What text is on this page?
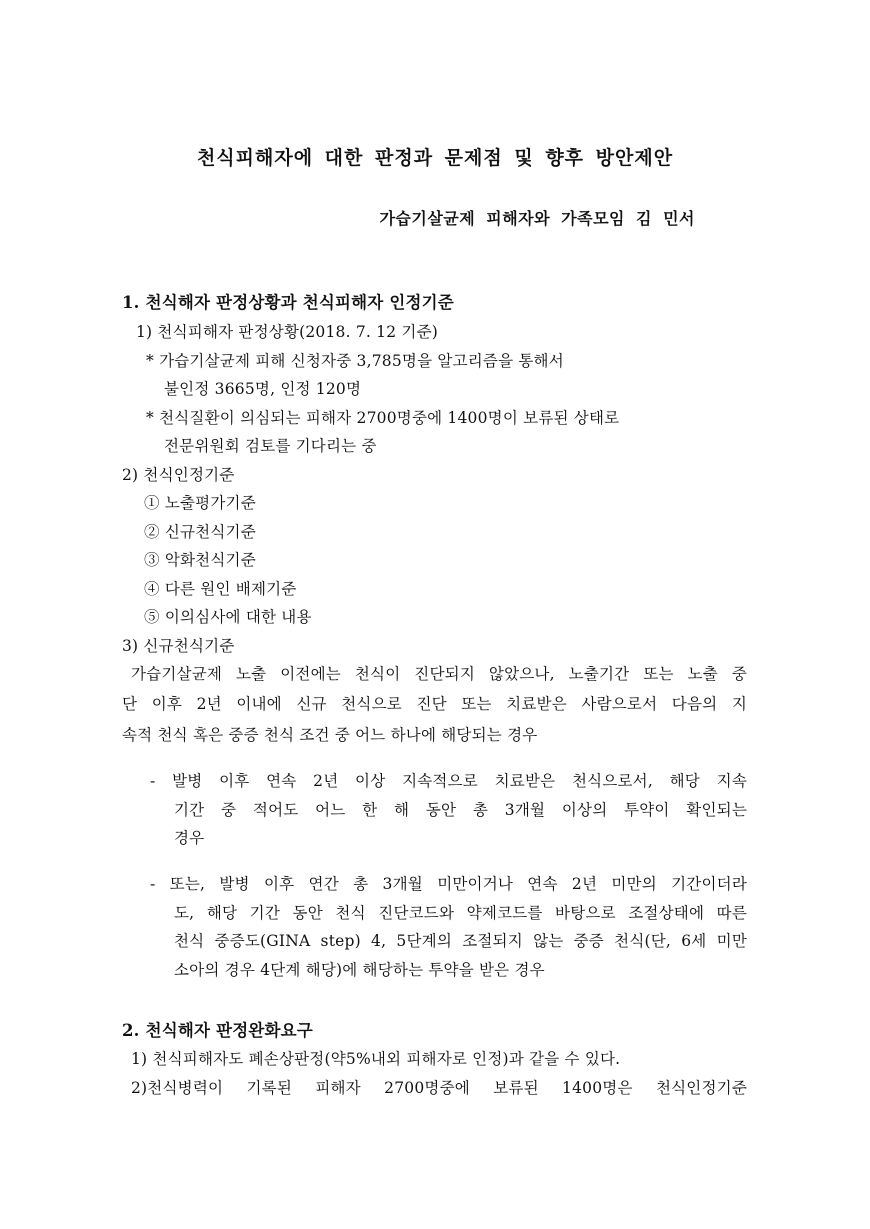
천식피해자에 대한 판정과 문제점 및 향후 방안제안
가습기살균제 피해자와 가족모임 김 민서
1. 천식해자 판정상황과 천식피해자 인정기준
1) 천식피해자 판정상황(2018. 7. 12 기준)
* 가습기살균제 피해 신청자중 3,785명을 알고리즘을 통해서
불인정 3665명, 인정 120명
* 천식질환이 의심되는 피해자 2700명중에 1400명이 보류된 상태로
전문위원회 검토를 기다리는 중
2) 천식인정기준
① 노출평가기준
② 신규천식기준
③ 악화천식기준
④ 다른 원인 배제기준
⑤ 이의심사에 대한 내용
3) 신규천식기준
가습기살균제 노출 이전에는 천식이 진단되지 않았으나, 노출기간 또는 노출 중
단 이후 2년 이내에 신규 천식으로 진단 또는 치료받은 사람으로서 다음의 지
속적 천식 혹은 중증 천식 조건 중 어느 하나에 해당되는 경우
- 발병 이후 연속 2년 이상 지속적으로 치료받은 천식으로서, 해당 지속
기간 중 적어도 어느 한 해 동안 총 3개월 이상의 투약이 확인되는
경우
- 또는, 발병 이후 연간 총 3개월 미만이거나 연속 2년 미만의 기간이더라
도, 해당 기간 동안 천식 진단코드와 약제코드를 바탕으로 조절상태에 따른
천식 중증도(GINA step) 4, 5단계의 조절되지 않는 중증 천식(단, 6세 미만
소아의 경우 4단계 해당)에 해당하는 투약을 받은 경우
2. 천식해자 판정완화요구
1) 천식피해자도 폐손상판정(약5%내외 피해자로 인정)과 같을 수 있다.
2)천식병력이 기록된 피해자 2700명중에 보류된 1400명은 천식인정기준
